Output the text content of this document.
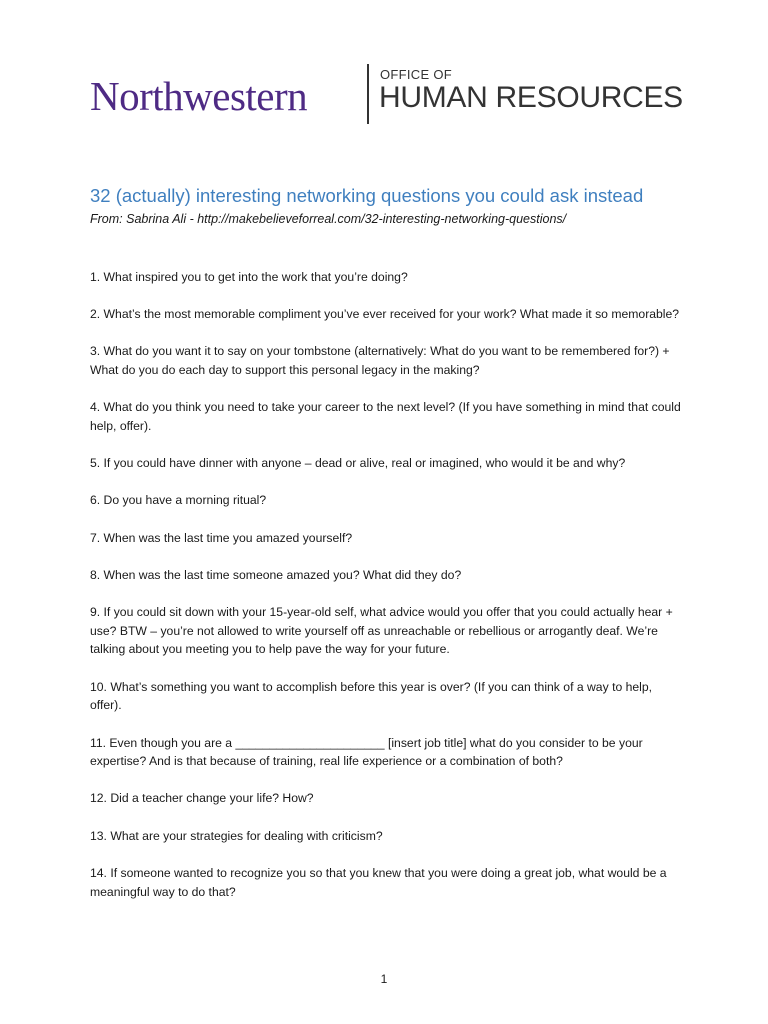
Northwestern	OFFICE OF
HUMAN RESOURCES
32 (actually) interesting networking questions you could ask instead
From: Sabrina Ali - http://makebelieveforreal.com/32-interesting-networking-questions/
1. What inspired you to get into the work that you’re doing?
2. What’s the most memorable compliment you’ve ever received for your work? What made it so memorable?
3. What do you want it to say on your tombstone (alternatively: What do you want to be remembered for?) + What do you do each day to support this personal legacy in the making?
4. What do you think you need to take your career to the next level? (If you have something in mind that could help, offer).
5. If you could have dinner with anyone – dead or alive, real or imagined, who would it be and why?
6. Do you have a morning ritual?
7. When was the last time you amazed yourself?
8. When was the last time someone amazed you? What did they do?
9. If you could sit down with your 15-year-old self, what advice would you offer that you could actually hear + use? BTW – you’re not allowed to write yourself off as unreachable or rebellious or arrogantly deaf. We’re talking about you meeting you to help pave the way for your future.
10. What’s something you want to accomplish before this year is over? (If you can think of a way to help, offer).
11. Even though you are a ______________________ [insert job title] what do you consider to be your expertise? And is that because of training, real life experience or a combination of both?
12. Did a teacher change your life? How?
13. What are your strategies for dealing with criticism?
14. If someone wanted to recognize you so that you knew that you were doing a great job, what would be a meaningful way to do that?
1
